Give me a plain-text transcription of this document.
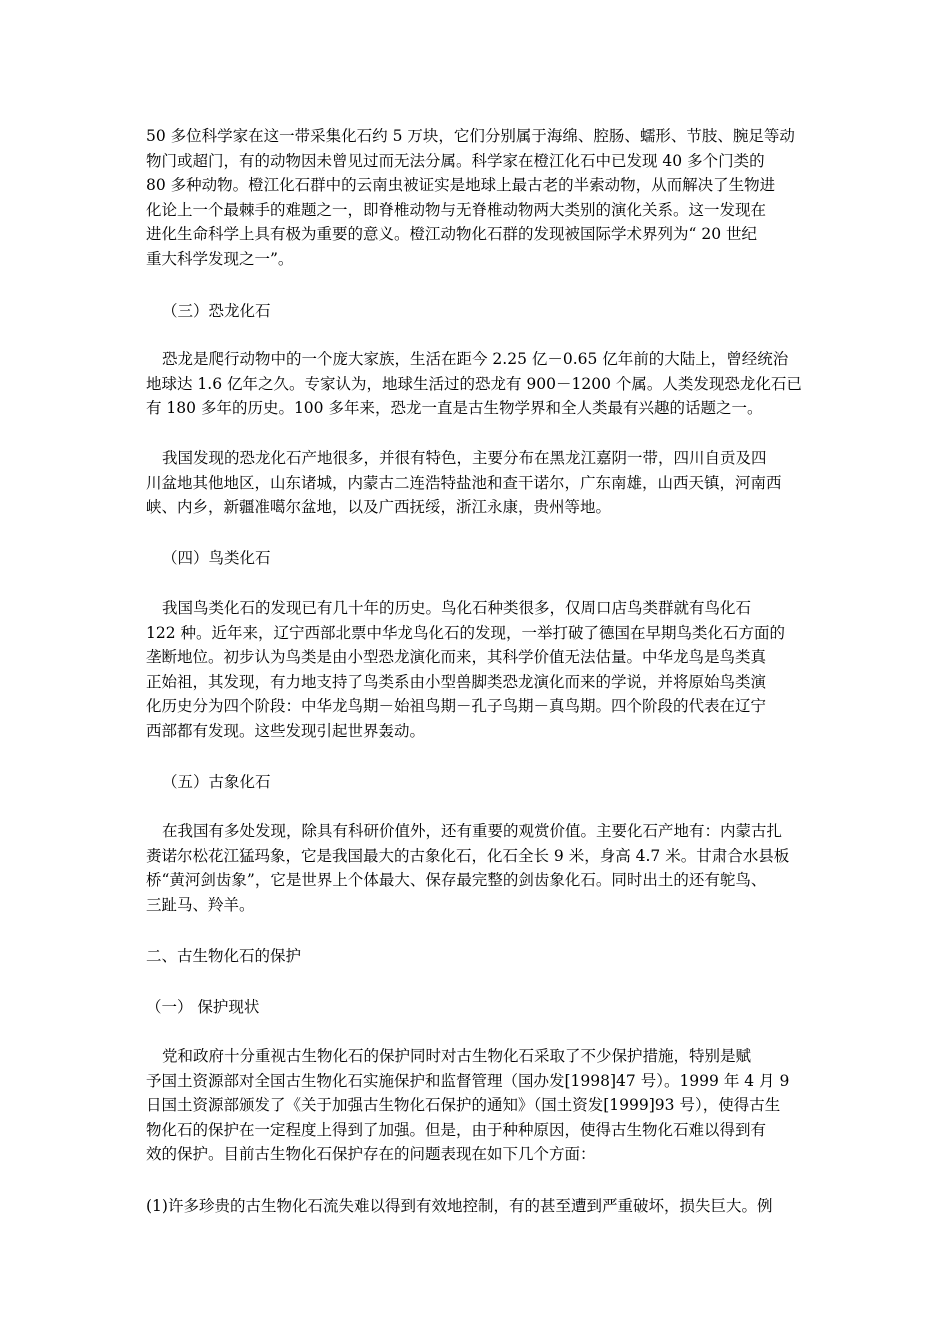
50 多位科学家在这一带采集化石约 5 万块，它们分别属于海绵、腔肠、蠕形、节肢、腕足等动
物门或超门，有的动物因未曾见过而无法分属。科学家在橙江化石中已发现 40 多个门类的
80 多种动物。橙江化石群中的云南虫被证实是地球上最古老的半索动物，从而解决了生物进
化论上一个最棘手的难题之一，即脊椎动物与无脊椎动物两大类别的演化关系。这一发现在
进化生命科学上具有极为重要的意义。橙江动物化石群的发现被国际学术界列为“ 20 世纪
重大科学发现之一”。
（三）恐龙化石
恐龙是爬行动物中的一个庞大家族，生活在距今 2.25 亿－0.65 亿年前的大陆上，曾经统治
地球达 1.6 亿年之久。专家认为，地球生活过的恐龙有 900－1200 个属。人类发现恐龙化石已
有 180 多年的历史。100 多年来，恐龙一直是古生物学界和全人类最有兴趣的话题之一。
我国发现的恐龙化石产地很多，并很有特色，主要分布在黑龙江嘉阴一带，四川自贡及四
川盆地其他地区，山东诸城，内蒙古二连浩特盐池和查干诺尔，广东南雄，山西天镇，河南西
峡、内乡，新疆准噶尔盆地，以及广西抚绥，浙江永康，贵州等地。
（四）鸟类化石
我国鸟类化石的发现已有几十年的历史。鸟化石种类很多，仅周口店鸟类群就有鸟化石
122 种。近年来，辽宁西部北票中华龙鸟化石的发现，一举打破了德国在早期鸟类化石方面的
垄断地位。初步认为鸟类是由小型恐龙演化而来，其科学价值无法估量。中华龙鸟是鸟类真
正始祖，其发现，有力地支持了鸟类系由小型兽脚类恐龙演化而来的学说，并将原始鸟类演
化历史分为四个阶段：中华龙鸟期－始祖鸟期－孔子鸟期－真鸟期。四个阶段的代表在辽宁
西部都有发现。这些发现引起世界轰动。
（五）古象化石
在我国有多处发现，除具有科研价值外，还有重要的观赏价值。主要化石产地有：内蒙古扎
赉诺尔松花江猛玛象，它是我国最大的古象化石，化石全长 9 米，身高 4.7 米。甘肃合水县板
桥“黄河剑齿象”，它是世界上个体最大、保存最完整的剑齿象化石。同时出土的还有鸵鸟、
三趾马、羚羊。
二、古生物化石的保护
（一） 保护现状
党和政府十分重视古生物化石的保护同时对古生物化石采取了不少保护措施，特别是赋
予国土资源部对全国古生物化石实施保护和监督管理（国办发[1998]47 号）。1999 年 4 月 9
日国土资源部颁发了《关于加强古生物化石保护的通知》（国土资发[1999]93 号），使得古生
物化石的保护在一定程度上得到了加强。但是，由于种种原因，使得古生物化石难以得到有
效的保护。目前古生物化石保护存在的问题表现在如下几个方面：
(1)许多珍贵的古生物化石流失难以得到有效地控制，有的甚至遭到严重破坏，损失巨大。例
